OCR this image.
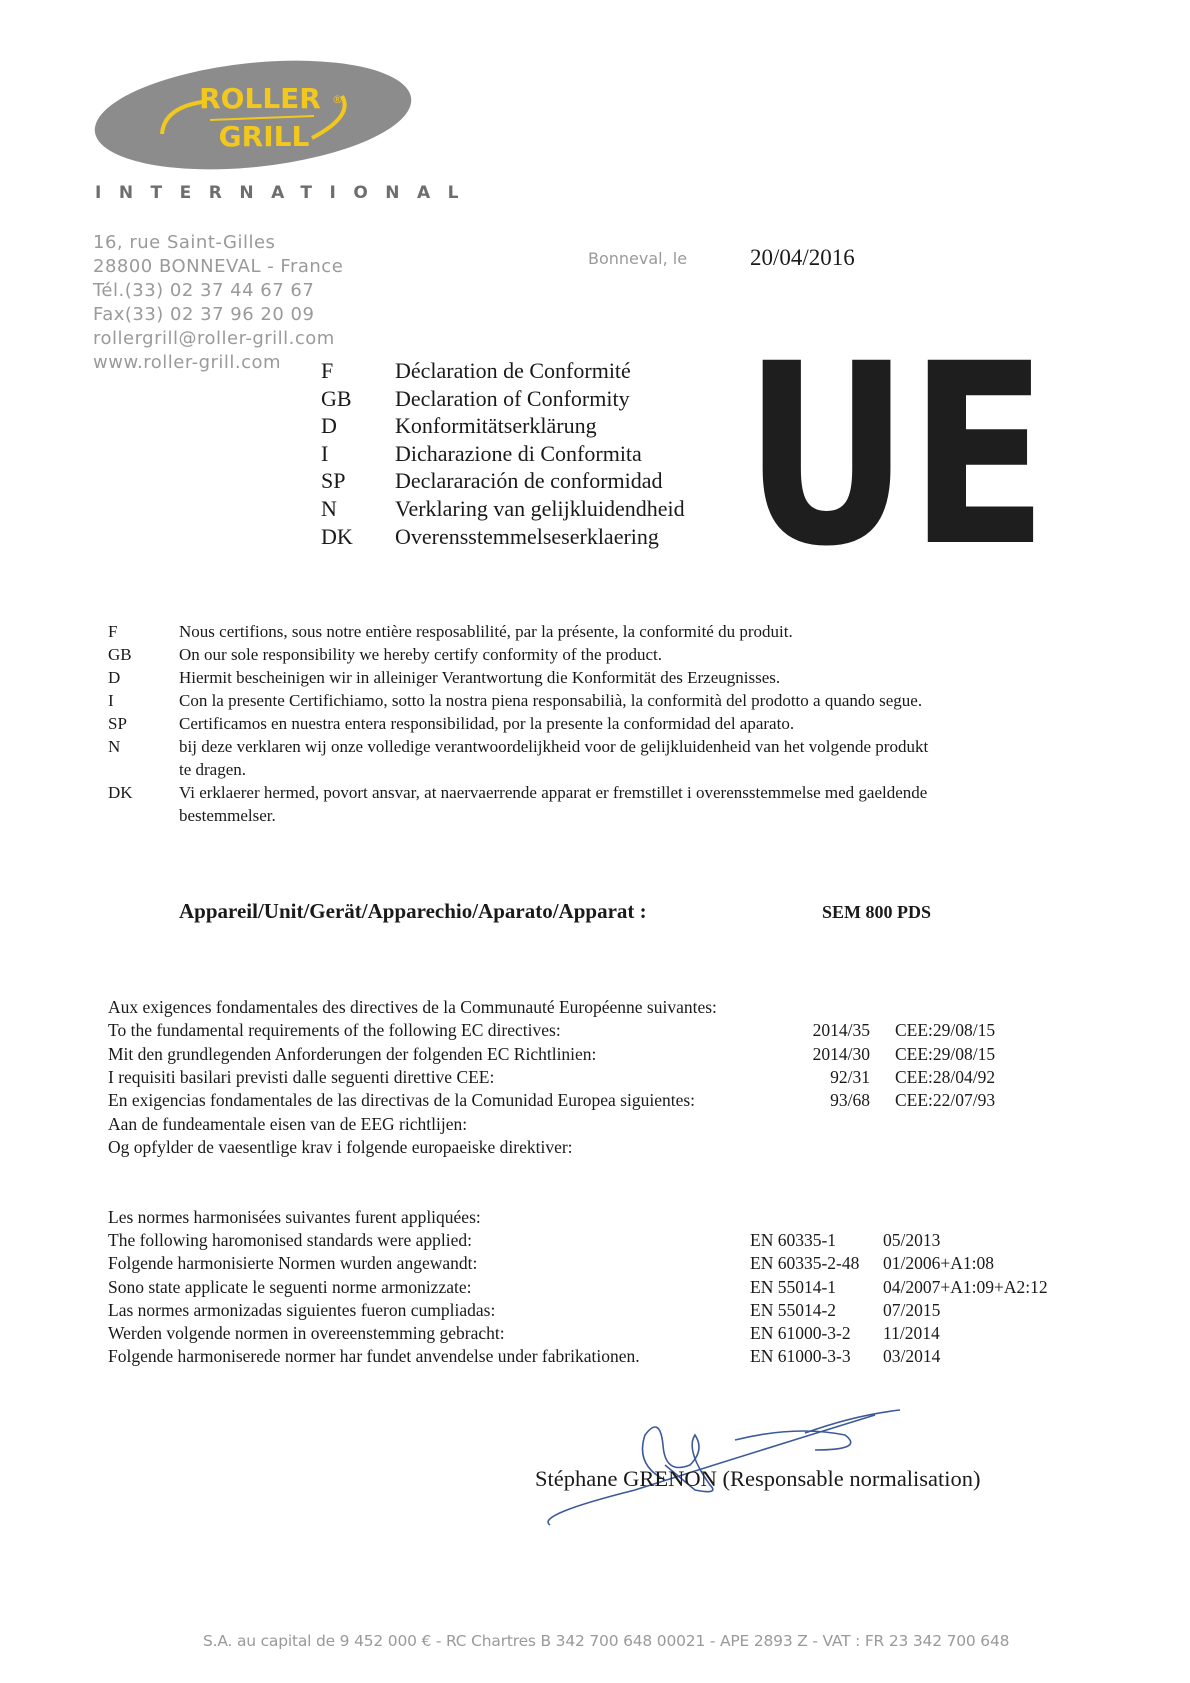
ROLLER
GRILL
®
INTERNATIONAL
16, rue Saint-Gilles
28800 BONNEVAL - France
Tél.(33) 02 37 44 67 67
Fax(33) 02 37 96 20 09
rollergrill@roller-grill.com
www.roller-grill.com
Bonneval, le	20/04/2016
F	Déclaration de Conformité
GB Declaration of Conformity
D	Konformitätserklärung
I	Dicharazione di Conformita
SP Declararación de conformidad
N	Verklaring van gelijkluidendheid
DK Overensstemmelseserklaering UE
F	Nous certifions, sous notre entière resposablilité, par la présente, la conformité du produit.
GB	On our sole responsibility we hereby certify conformity of the product.
D	Hiermit bescheinigen wir in alleiniger Verantwortung die Konformität des Erzeugnisses.
I	Con la presente Certifichiamo, sotto la nostra piena responsabilià, la conformità del prodotto a quando segue.
SP	Certificamos en nuestra entera responsibilidad, por la presente la conformidad del aparato.
N	bij deze verklaren wij onze volledige verantwoordelijkheid voor de gelijkluidenheid van het volgende produkt
te dragen.
DK	Vi erklaerer hermed, povort ansvar, at naervaerrende apparat er fremstillet i overensstemmelse med gaeldende
bestemmelser.
Appareil/Unit/Gerät/Apparechio/Aparato/Apparat :	SEM 800 PDS
Aux exigences fondamentales des directives de la Communauté Européenne suivantes:
To the fundamental requirements of the following EC directives:	2014/35 CEE:29/08/15
Mit den grundlegenden Anforderungen der folgenden EC Richtlinien:	2014/30 CEE:29/08/15
I requisiti basilari previsti dalle seguenti direttive CEE:	92/31 CEE:28/04/92
En exigencias fondamentales de las directivas de la Comunidad Europea siguientes:	93/68 CEE:22/07/93
Aan de fundeamentale eisen van de EEG richtlijen:
Og opfylder de vaesentlige krav i folgende europaeiske direktiver:
Les normes harmonisées suivantes furent appliquées:
The following haromonised standards were applied:	EN 60335-1	05/2013
Folgende harmonisierte Normen wurden angewandt:	EN 60335-2-48 01/2006+A1:08
Sono state applicate le seguenti norme armonizzate:	EN 55014-1	04/2007+A1:09+A2:12
Las normes armonizadas siguientes fueron cumpliadas:	EN 55014-2	07/2015
Werden volgende normen in overeenstemming gebracht:	EN 61000-3-2 11/2014
Folgende harmoniserede normer har fundet anvendelse under fabrikationen.	EN 61000-3-3 03/2014
Stéphane GRENON (Responsable normalisation)
S.A. au capital de 9 452 000 € - RC Chartres B 342 700 648 00021 - APE 2893 Z - VAT : FR 23 342 700 648
